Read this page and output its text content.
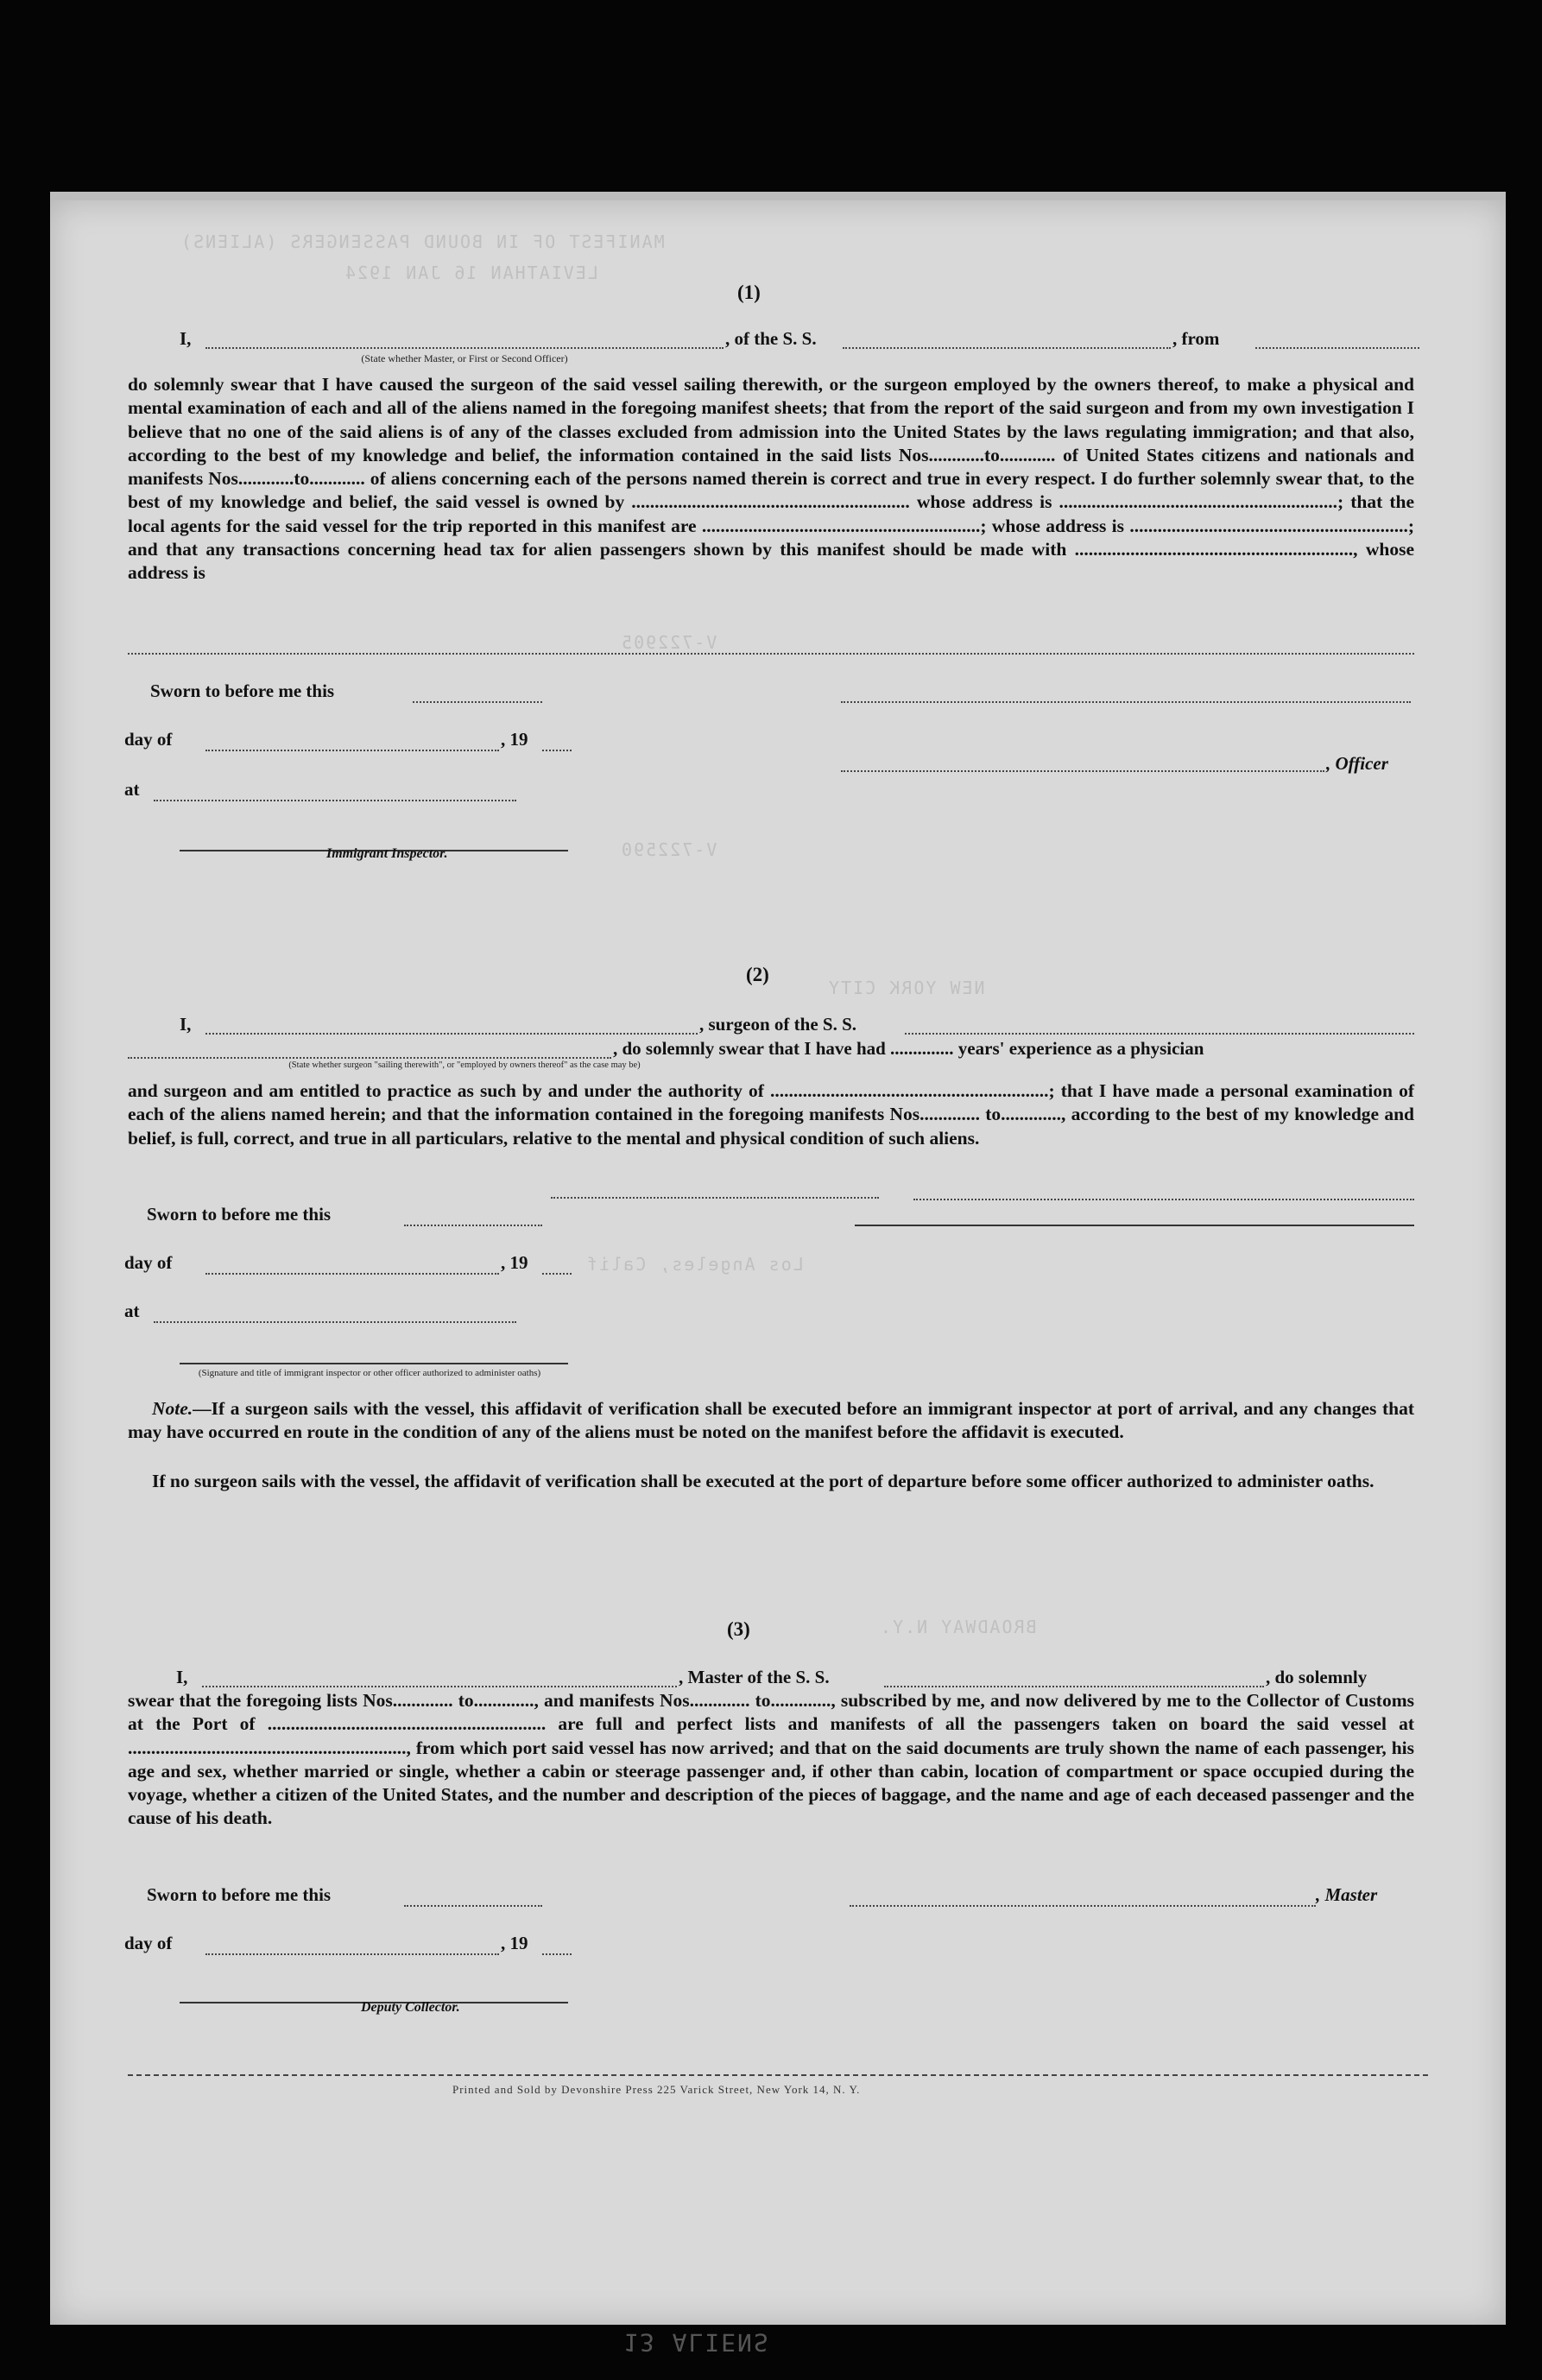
MANIFEST OF IN BOUND PASSENGERS (ALIENS)
LEVIATHAN 16 JAN 1924
V-722905
V-722590
NEW YORK CITY
Los Angeles, Calif
BROADWAY N.Y.
(1)
I,	, of the S. S.	, from
(State whether Master, or First or Second Officer)

do solemnly swear that I have caused the surgeon of the said vessel sailing therewith, or the surgeon employed by the owners thereof, to make a physical and mental examination of each and all of the aliens named in the foregoing manifest sheets; that from the report of the said surgeon and from my own investigation I believe that no one of the said aliens is of any of the classes excluded from admission into the United States by the laws regulating immigration; and that also, according to the best of my knowledge and belief, the information contained in the said lists Nos............to............ of United States citizens and nationals and manifests Nos............to............ of aliens concerning each of the persons named therein is correct and true in every respect. I do further solemnly swear that, to the best of my knowledge and belief, the said vessel is owned by ............................................................ whose address is ............................................................; that the local agents for the said vessel for the trip reported in this manifest are ............................................................; whose address is ............................................................; and that any transactions concerning head tax for alien passengers shown by this manifest should be made with ............................................................, whose address is

Sworn to before me this
day of	, 19
, Officer
at
Immigrant Inspector.
(2)
I,	, surgeon of the S. S.
, do solemnly swear that I have had .............. years' experience as a physician
(State whether surgeon "sailing therewith", or "employed by owners thereof" as the case may be)

and surgeon and am entitled to practice as such by and under the authority of ............................................................; that I have made a personal examination of each of the aliens named herein; and that the information contained in the foregoing manifests Nos............. to............., according to the best of my knowledge and belief, is full, correct, and true in all particulars, relative to the mental and physical condition of such aliens.

Sworn to before me this
day of	, 19
at
(Signature and title of immigrant inspector or other officer authorized to administer oaths)

Note.—If a surgeon sails with the vessel, this affidavit of verification shall be executed before an immigrant inspector at port of arrival, and any changes that may have occurred en route in the condition of any of the aliens must be noted on the manifest before the affidavit is executed.

If no surgeon sails with the vessel, the affidavit of verification shall be executed at the port of departure before some officer authorized to administer oaths.

(3)
I,	, Master of the S. S.	, do solemnly

swear that the foregoing lists Nos............. to............., and manifests Nos............. to............., subscribed by me, and now delivered by me to the Collector of Customs at the Port of ............................................................ are full and perfect lists and manifests of all the passengers taken on board the said vessel at ............................................................, from which port said vessel has now arrived; and that on the said documents are truly shown the name of each passenger, his age and sex, whether married or single, whether a cabin or steerage passenger and, if other than cabin, location of compartment or space occupied during the voyage, whether a citizen of the United States, and the number and description of the pieces of baggage, and the name and age of each deceased passenger and the cause of his death.

Sworn to before me this	, Master
day of	, 19
Deputy Collector.
Printed and Sold by Devonshire Press 225 Varick Street, New York 14, N. Y.
13 ALIENS
